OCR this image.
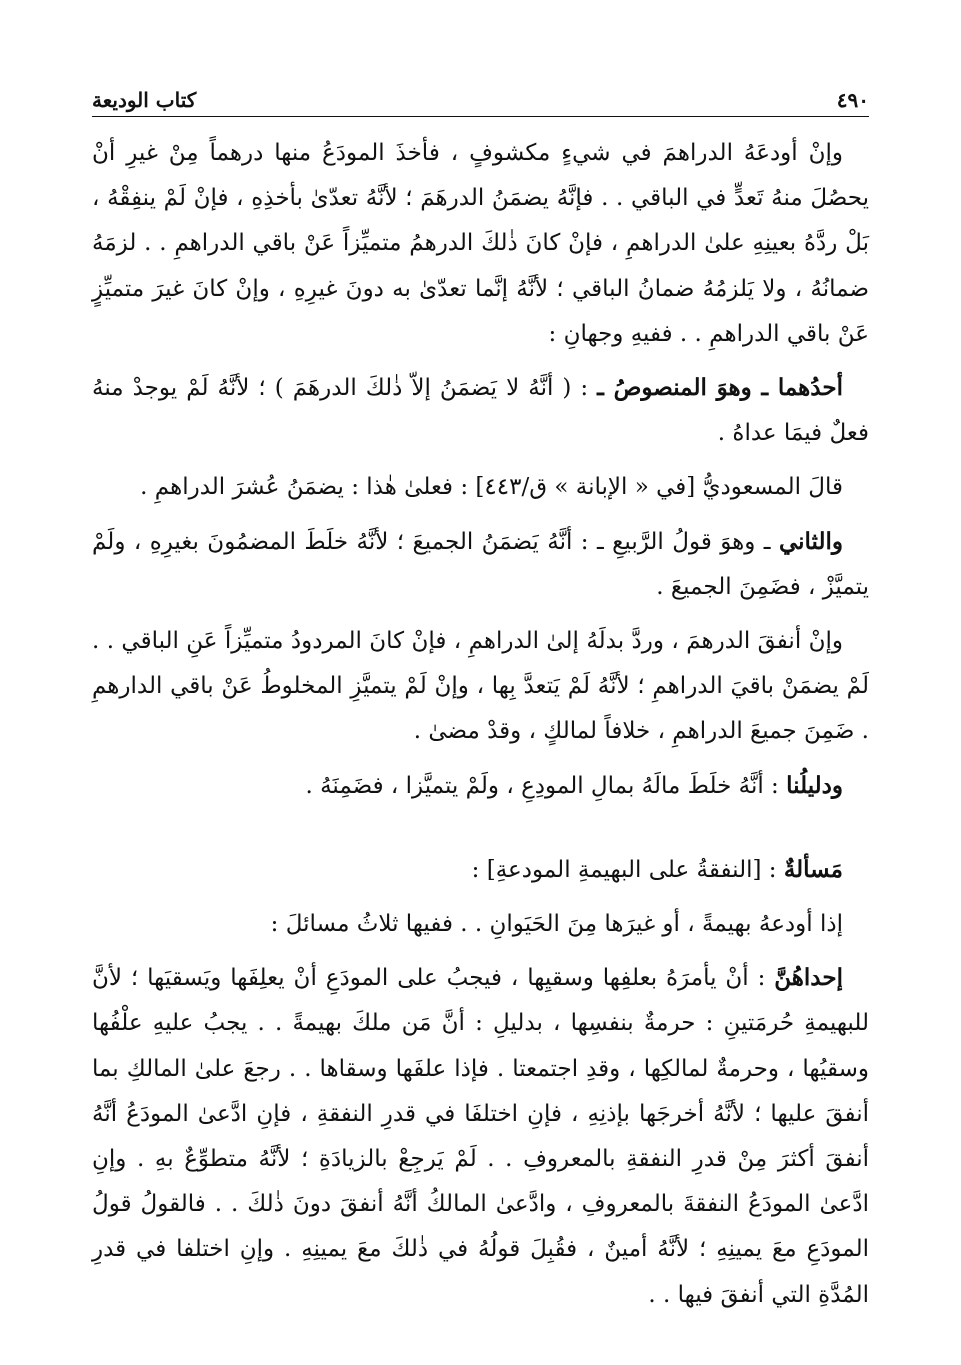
٤٩٠
كتاب الوديعة

وإنْ أودعَهُ الدراهمَ في شيءٍ مكشوفٍ ، فأخذَ المودَعُ منها درهماً مِنْ غيرِ أنْ يحصُلَ منهُ تَعدٍّ في الباقي . . فإنَّهُ يضمَنُ الدرهَمَ ؛ لأنَّهُ تعدّىٰ بأخذِهِ ، فإنْ لَمْ ينفِقْهُ ، بَلْ ردَّهُ بعينِهِ علىٰ الدراهمِ ، فإنْ كانَ ذٰلكَ الدرهمُ متميِّزاً عَنْ باقي الدراهمِ . . لزمَهُ ضمانُهُ ، ولا يَلزمُهُ ضمانُ الباقي ؛ لأنَّهُ إنَّما تعدّىٰ به دونَ غيرِهِ ، وإنْ كانَ غيرَ متميِّزٍ عَنْ باقي الدراهمِ . . ففيهِ وجهانِ :

أحدُهما ـ وهوَ المنصوصُ ـ : ( أنَّهُ لا يَضمَنُ إلاّ ذٰلكَ الدرهَمَ ) ؛ لأنَّهُ لَمْ يوجدْ منهُ فعلٌ فيمَا عداهُ .

قالَ المسعوديُّ [في « الإبانة » ق/٤٤٣] : فعلىٰ هٰذا : يضمَنُ عُشرَ الدراهمِ .

والثاني ـ وهوَ قولُ الرَّبيعِ ـ : أنَّهُ يَضمَنُ الجميعَ ؛ لأنَّهُ خلَطَ المضمُونَ بغيرِهِ ، ولَمْ يتميَّزْ ، فضَمِنَ الجميعَ .

وإنْ أنفقَ الدرهمَ ، وردَّ بدلَهُ إلىٰ الدراهمِ ، فإنْ كانَ المردودُ متميِّزاً عَنِ الباقي . . لَمْ يضمَنْ باقيَ الدراهمِ ؛ لأنَّهُ لَمْ يَتعدَّ بِها ، وإنْ لَمْ يتميَّزِ المخلوطُ عَنْ باقي الدارهمِ . ضَمِنَ جميعَ الدراهمِ ، خلافاً لمالكٍ ، وقدْ مضىٰ .

ودليلُنا : أنَّهُ خلَطَ مالَهُ بمالِ المودِعِ ، ولَمْ يتميَّزا ، فضَمِنَهُ .

مَسألةٌ : [النفقةُ على البهيمةِ المودعةِ] :

إذا أودعهُ بهيمةً ، أو غيرَها مِنَ الحَيَوانِ . . ففيها ثلاثُ مسائلَ :

إحداهُنَّ : أنْ يأمرَهُ بعلفِها وسقيِها ، فيجبُ على المودَعِ أنْ يعلِفَها ويَسقيَها ؛ لأنَّ للبهيمةِ حُرمَتينِ : حرمةٌ بنفسِها ، بدليلِ : أنَّ مَن ملكَ بهيمةً . . يجبُ عليهِ علْفُها وسقيُها ، وحرمةٌ لمالكِها ، وقدِ اجتمعتا . فإذا علفَها وسقاها . . رجعَ علىٰ المالكِ بما أنفقَ عليها ؛ لأنَّهُ أخرجَها بإذنِهِ ، فإنِ اختلفَا في قدرِ النفقةِ ، فإنِ ادَّعىٰ المودَعُ أنَّهُ أنفقَ أكثرَ مِنْ قدرِ النفقةِ بالمعروفِ . . لَمْ يَرجِعْ بالزيادَةِ ؛ لأنَّهُ متطوِّعٌ بهِ . وإنِ ادَّعىٰ المودَعُ النفقةَ بالمعروفِ ، وادَّعىٰ المالكُ أنَّهُ أنفقَ دونَ ذٰلكَ . . فالقولُ قولُ المودَعِ معَ يمينِهِ ؛ لأنَّهُ أمينٌ ، فقُبِلَ قولُهُ في ذٰلكَ معَ يمينِهِ . وإنِ اختلفا في قدرِ المُدَّةِ التي أنفقَ فيها . .
